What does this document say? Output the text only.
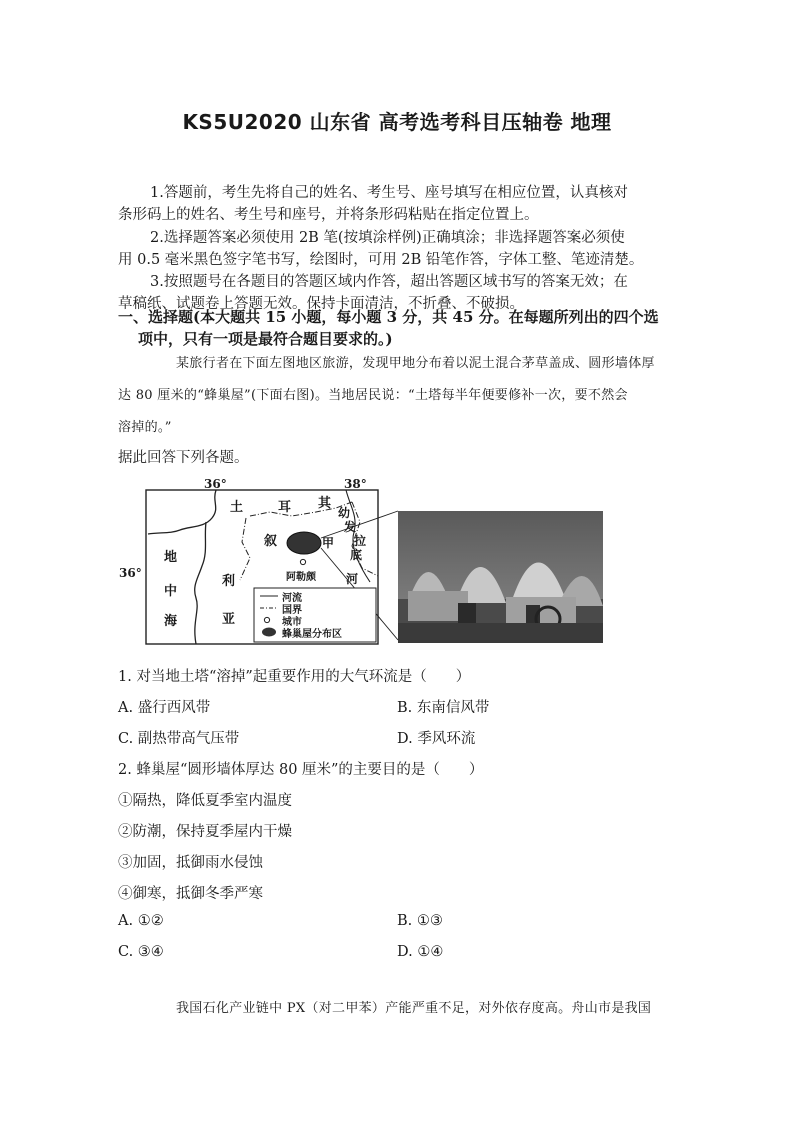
KS5U2020 山东省 高考选考科目压轴卷 地理
1.答题前，考生先将自己的姓名、考生号、座号填写在相应位置，认真核对
条形码上的姓名、考生号和座号，并将条形码粘贴在指定位置上。
2.选择题答案必须使用 2B 笔(按填涂样例)正确填涂；非选择题答案必须使
用 0.5 毫米黑色签字笔书写，绘图时，可用 2B 铅笔作答，字体工整、笔迹清楚。
3.按照题号在各题目的答题区域内作答，超出答题区域书写的答案无效；在
草稿纸、试题卷上答题无效。保持卡面清洁，不折叠、不破损。
一、选择题(本大题共 15 小题，每小题 3 分，共 45 分。在每题所列出的四个选
项中，只有一项是最符合题目要求的。)
某旅行者在下面左图地区旅游，发现甲地分布着以泥土混合茅草盖成、圆形墙体厚
达 80 厘米的“蜂巢屋”(下面右图)。当地居民说：“土塔每半年便要修补一次，要不然会
溶掉的。”
据此回答下列各题。
36°	38°
36°
土	耳 其
幼
发
拉
底
河
叙	甲
利
亚
地
中
海
阿勒颇
河流
国界
城市
蜂巢屋分布区
1. 对当地土塔“溶掉”起重要作用的大气环流是（　　）
A. 盛行西风带	B. 东南信风带
C. 副热带高气压带	D. 季风环流
2. 蜂巢屋“圆形墙体厚达 80 厘米”的主要目的是（　　）
①隔热，降低夏季室内温度
②防潮，保持夏季屋内干燥
③加固，抵御雨水侵蚀
④御寒，抵御冬季严寒
A. ①②	B. ①③
C. ③④	D. ①④
我国石化产业链中 PX（对二甲苯）产能严重不足，对外依存度高。舟山市是我国
